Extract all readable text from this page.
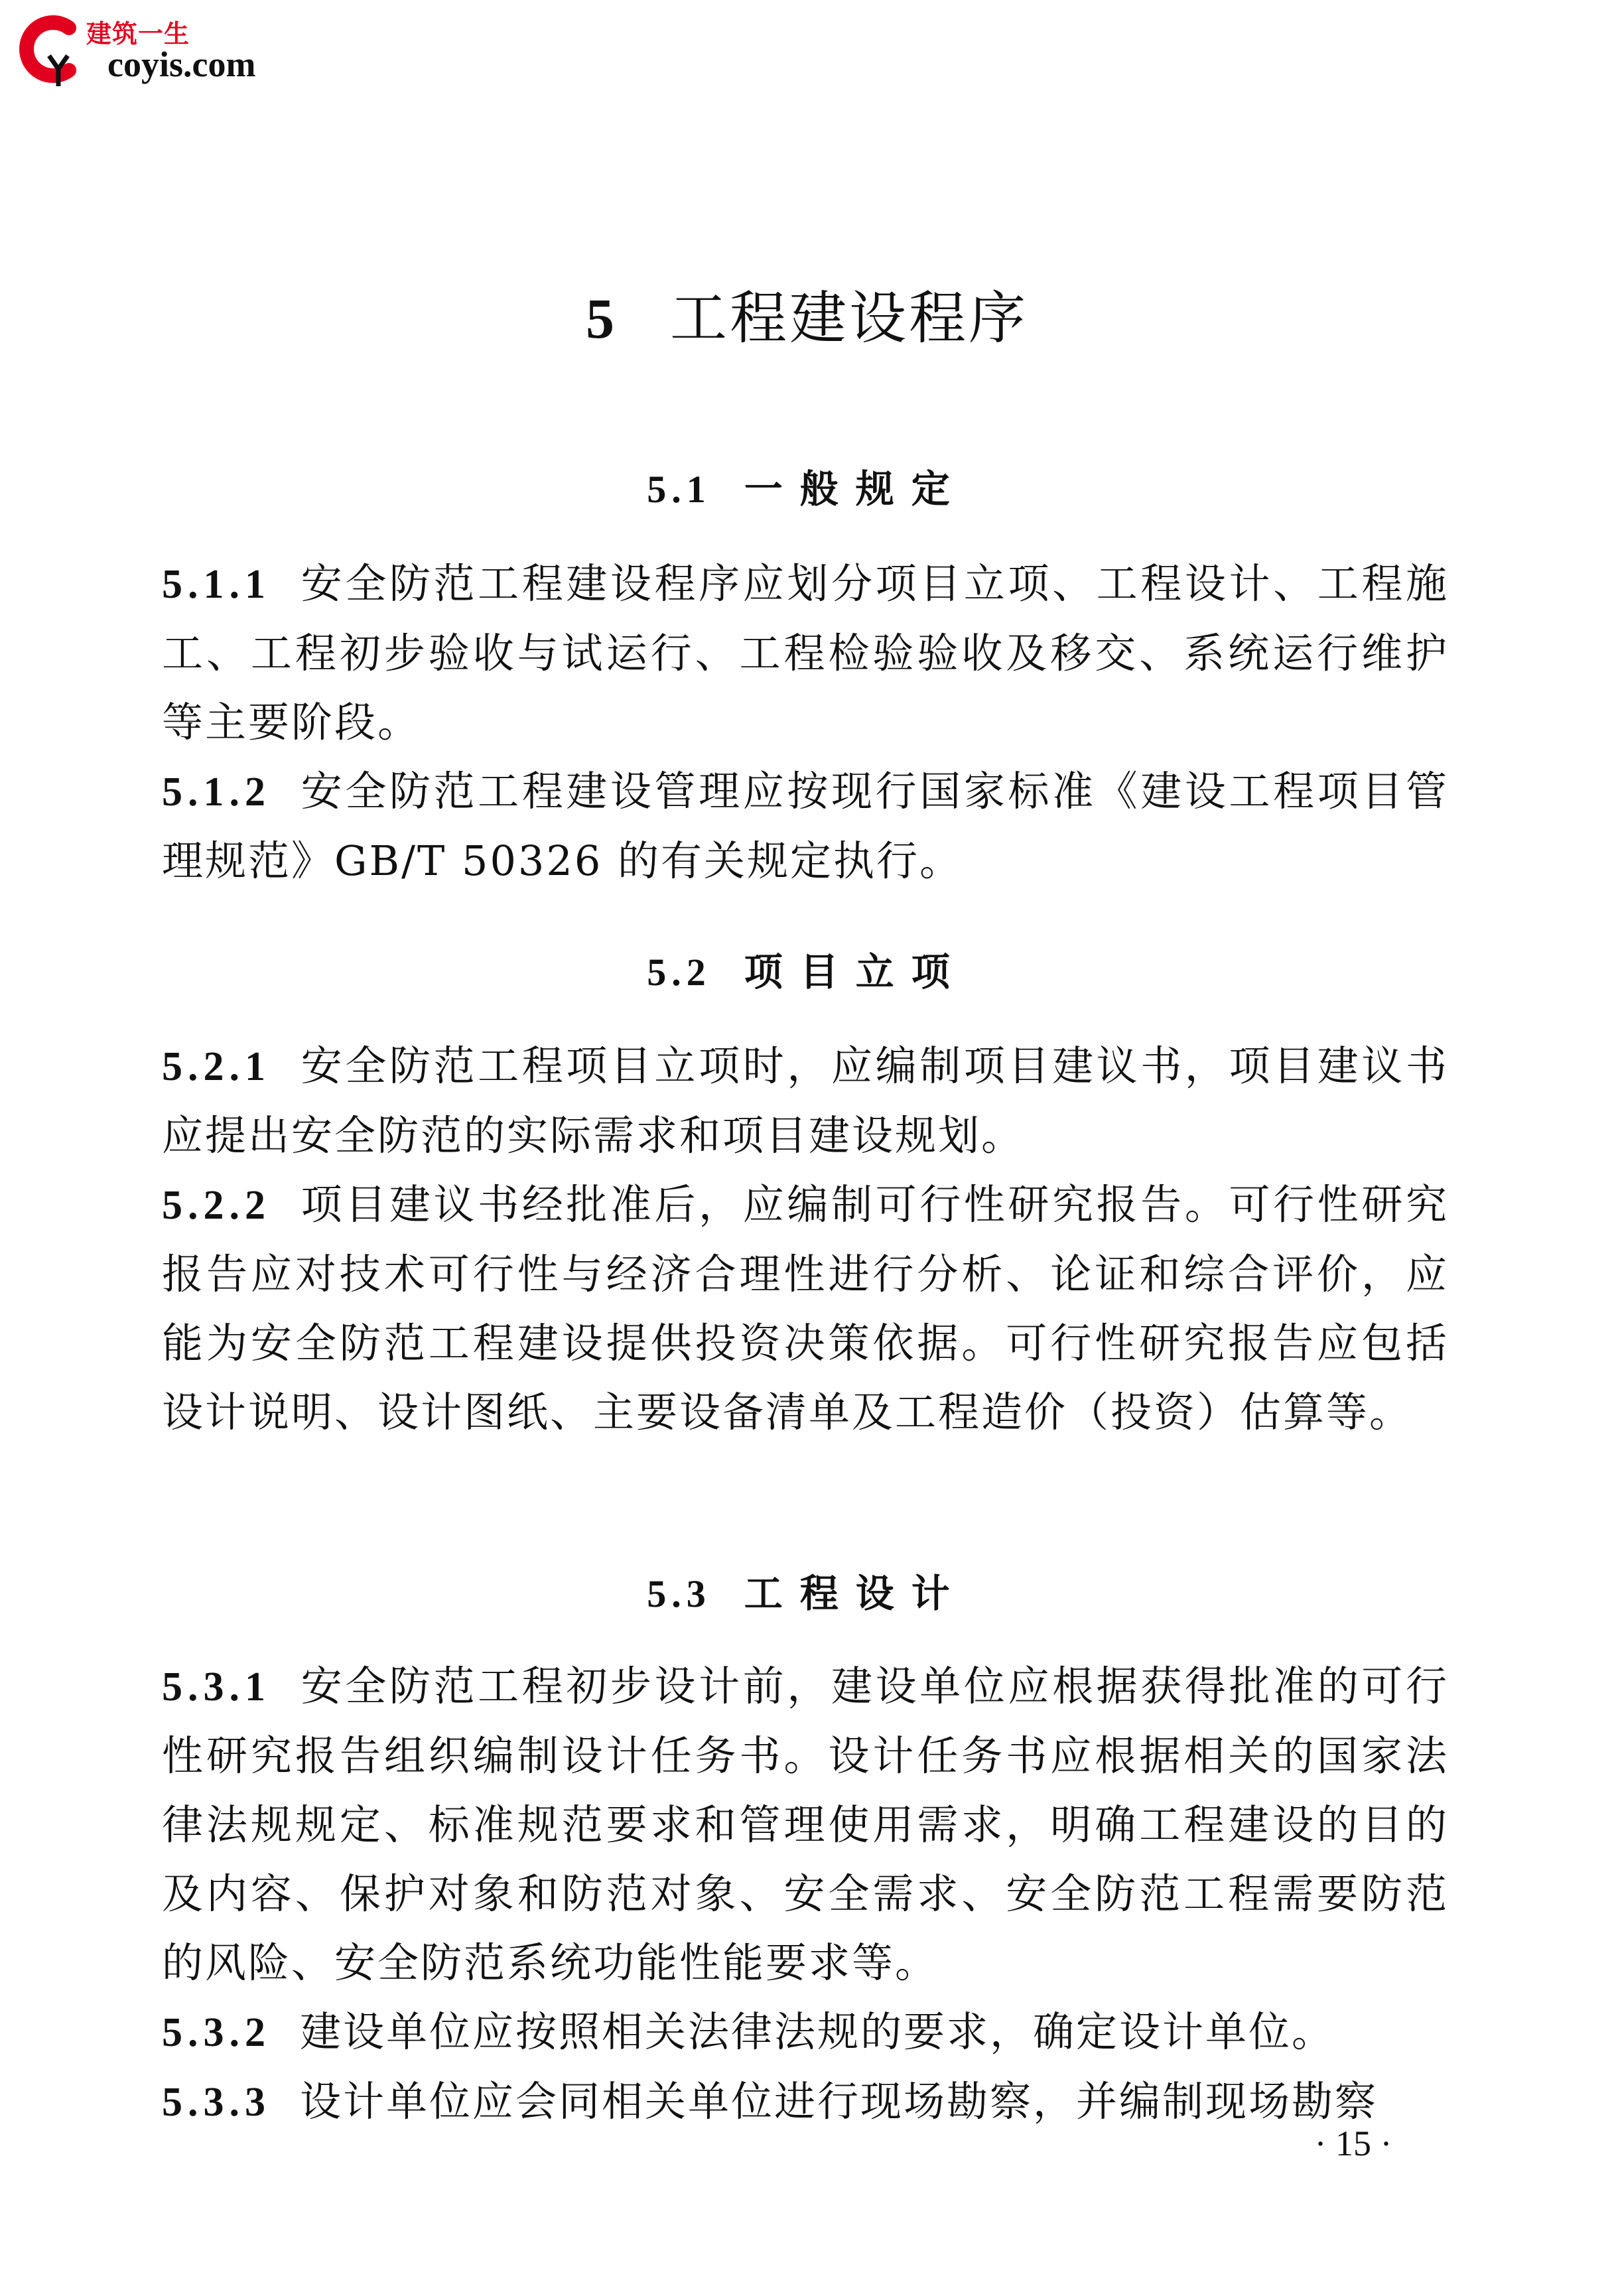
建筑一生
coyis.com
5 工程建设程序
5.1 一般规定

5.1.1 安全防范工程建设程序应划分项目立项、工程设计、工程施工、工程初步验收与试运行、工程检验验收及移交、系统运行维护等主要阶段。

5.1.2 安全防范工程建设管理应按现行国家标准《建设工程项目管理规范》GB/T 50326 的有关规定执行。

5.2 项目立项

5.2.1 安全防范工程项目立项时，应编制项目建议书，项目建议书应提出安全防范的实际需求和项目建设规划。

5.2.2 项目建议书经批准后，应编制可行性研究报告。可行性研究报告应对技术可行性与经济合理性进行分析、论证和综合评价，应能为安全防范工程建设提供投资决策依据。可行性研究报告应包括设计说明、设计图纸、主要设备清单及工程造价（投资）估算等。

5.3 工程设计

5.3.1 安全防范工程初步设计前，建设单位应根据获得批准的可行性研究报告组织编制设计任务书。设计任务书应根据相关的国家法律法规规定、标准规范要求和管理使用需求，明确工程建设的目的及内容、保护对象和防范对象、安全需求、安全防范工程需要防范的风险、安全防范系统功能性能要求等。

5.3.2 建设单位应按照相关法律法规的要求，确定设计单位。

5.3.3 设计单位应会同相关单位进行现场勘察，并编制现场勘察

· 15 ·
